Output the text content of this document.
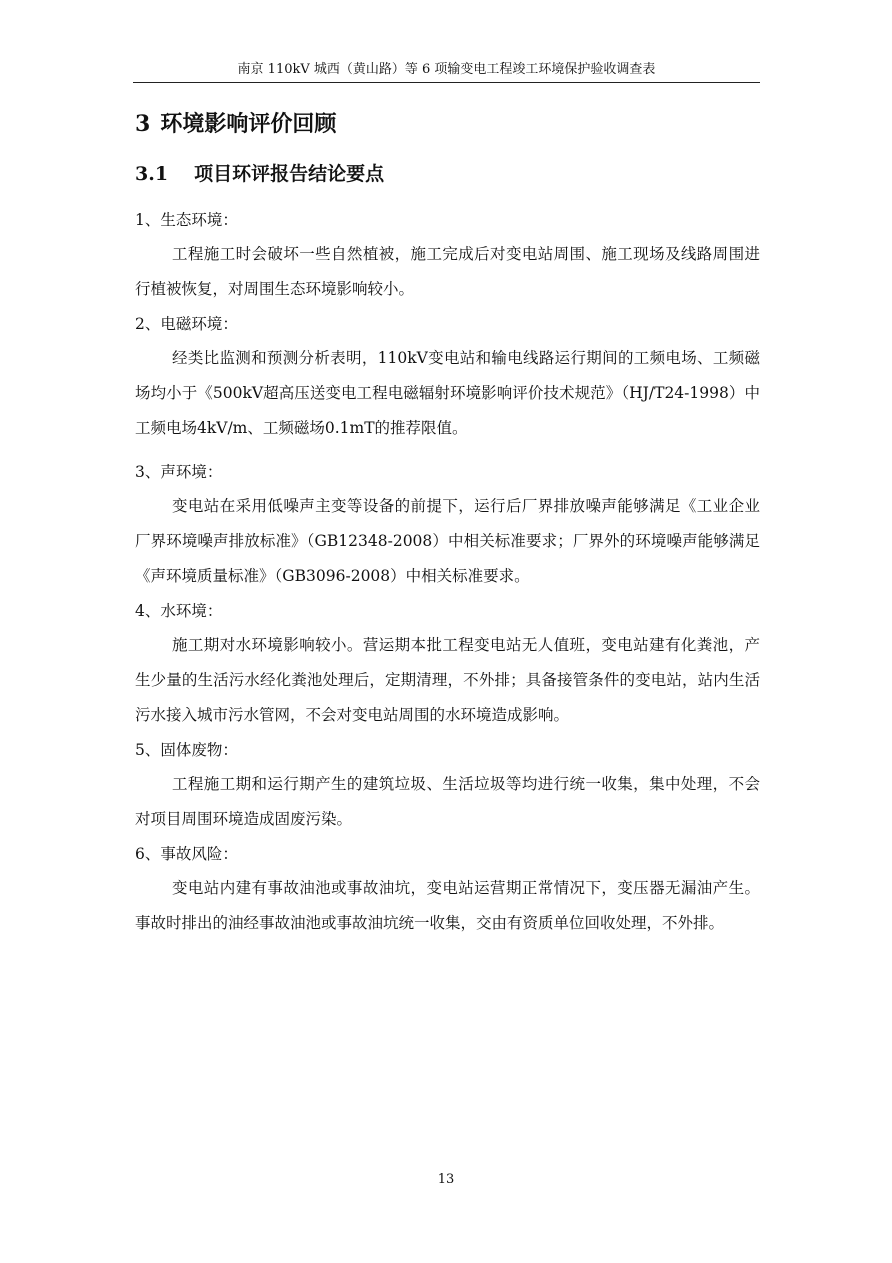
南京 110kV 城西（黄山路）等 6 项输变电工程竣工环境保护验收调查表
3 环境影响评价回顾
3.1 项目环评报告结论要点
1、生态环境：

工程施工时会破坏一些自然植被，施工完成后对变电站周围、施工现场及线路周围进行植被恢复，对周围生态环境影响较小。

2、电磁环境：

经类比监测和预测分析表明，110kV变电站和输电线路运行期间的工频电场、工频磁场均小于《500kV超高压送变电工程电磁辐射环境影响评价技术规范》（HJ/T24-1998）中工频电场4kV/m、工频磁场0.1mT的推荐限值。

3、声环境：

变电站在采用低噪声主变等设备的前提下，运行后厂界排放噪声能够满足《工业企业厂界环境噪声排放标准》（GB12348-2008）中相关标准要求；厂界外的环境噪声能够满足《声环境质量标准》（GB3096-2008）中相关标准要求。

4、水环境：

施工期对水环境影响较小。营运期本批工程变电站无人值班，变电站建有化粪池，产生少量的生活污水经化粪池处理后，定期清理，不外排；具备接管条件的变电站，站内生活污水接入城市污水管网，不会对变电站周围的水环境造成影响。

5、固体废物：

工程施工期和运行期产生的建筑垃圾、生活垃圾等均进行统一收集，集中处理，不会对项目周围环境造成固废污染。

6、事故风险：

变电站内建有事故油池或事故油坑，变电站运营期正常情况下，变压器无漏油产生。事故时排出的油经事故油池或事故油坑统一收集，交由有资质单位回收处理，不外排。

13
